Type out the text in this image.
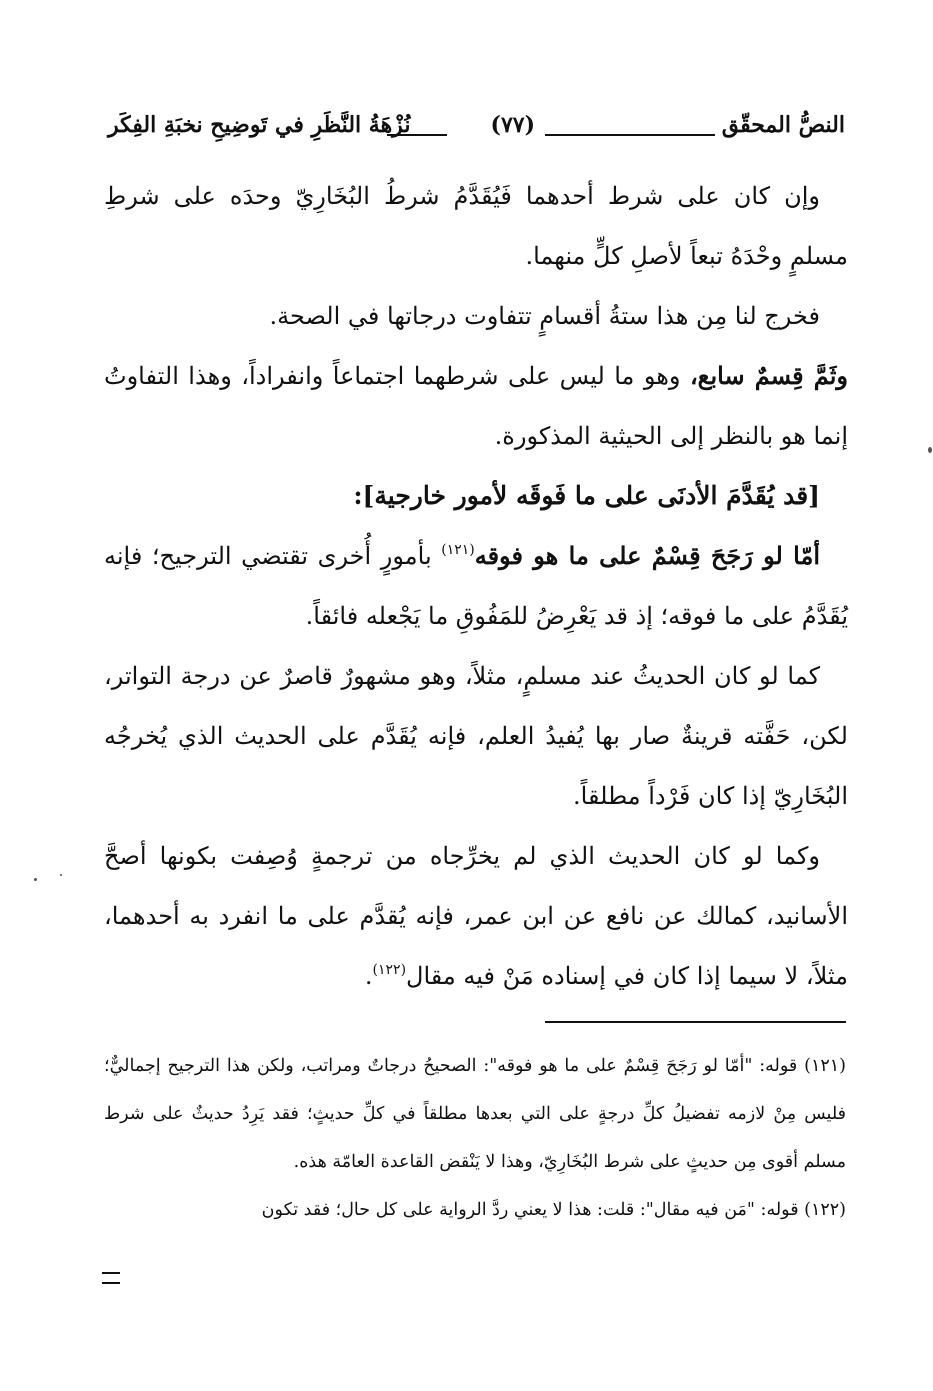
النصُّ المحقّق
(٧٧)
نُزْهَةُ النَّظَرِ في تَوضِيحِ نخبَةِ الفِكَر

وإن كان على شرط أحدهما فَيُقَدَّمُ شرطُ البُخَارِيّ وحدَه على شرطِ مسلمٍ وحْدَهُ تبعاً لأصلِ كلٍّ منهما.

فخرج لنا مِن هذا ستةُ أقسامٍ تتفاوت درجاتها في الصحة.

وثَمَّ قِسمٌ سابع، وهو ما ليس على شرطهما اجتماعاً وانفراداً، وهذا التفاوتُ إنما هو بالنظر إلى الحيثية المذكورة.

[قد يُقَدَّمَ الأدنَى على ما فَوقَه لأمور خارجية]:

أمّا لو رَجَحَ قِسْمٌ على ما هو فوقه$^{(١٢١)}$ بأمورٍ أُخرى تقتضي الترجيح؛ فإنه يُقَدَّمُ على ما فوقه؛ إذ قد يَعْرِضُ للمَفُوقِ ما يَجْعله فائقاً.

كما لو كان الحديثُ عند مسلمٍ، مثلاً، وهو مشهورٌ قاصرٌ عن درجة التواتر، لكن، حَفَّته قرينةٌ صار بها يُفيدُ العلم، فإنه يُقَدَّم على الحديث الذي يُخرجُه البُخَارِيّ إذا كان فَرْداً مطلقاً.

وكما لو كان الحديث الذي لم يخرِّجاه من ترجمةٍ وُصِفت بكونها أصحَّ الأسانيد، كمالك عن نافع عن ابن عمر، فإنه يُقدَّم على ما انفرد به أحدهما، مثلاً، لا سيما إذا كان في إسناده مَنْ فيه مقال$^{(١٢٢)}$.

(١٢١) قوله: "أمّا لو رَجَحَ قِسْمٌ على ما هو فوقه": الصحيحُ درجاتٌ ومراتب، ولكن هذا الترجيح إجماليٌّ؛ فليس مِنْ لازمه تفضيلُ كلِّ درجةٍ على التي بعدها مطلقاً في كلِّ حديثٍ؛ فقد يَرِدُ حديثٌ على شرط مسلم أقوى مِن حديثٍ على شرط البُخَارِيّ، وهذا لا يَنْقض القاعدة العامّة هذه.

(١٢٢) قوله: "مَن فيه مقال": قلت: هذا لا يعني ردَّ الرواية على كل حال؛ فقد تكون
